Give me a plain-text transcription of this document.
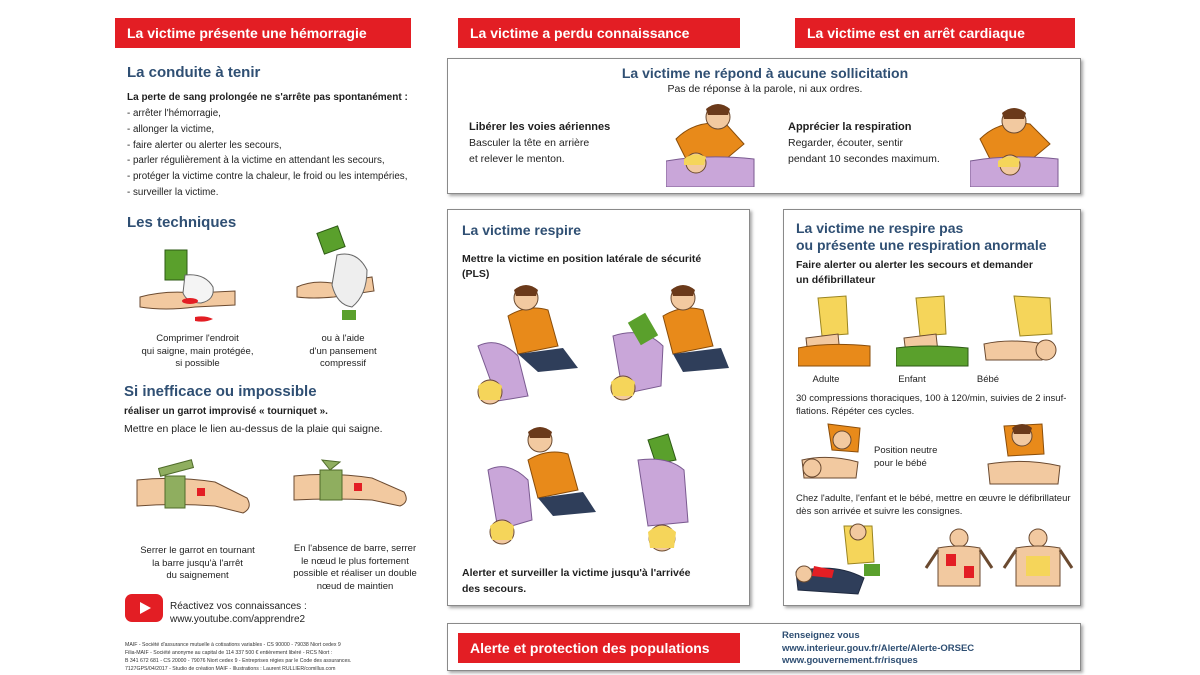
La victime présente une hémorragie
La conduite à tenir
La perte de sang prolongée ne s'arrête pas spontanément :
- arrêter l'hémorragie,
- allonger la victime,
- faire alerter ou alerter les secours,
- parler régulièrement à la victime en attendant les secours,
- protéger la victime contre la chaleur, le froid ou les intempéries,
- surveiller la victime.
Les techniques
Comprimer l'endroit
qui saigne, main protégée,
si possible
ou à l'aide
d'un pansement
compressif
Si inefficace ou impossible
réaliser un garrot improvisé « tourniquet ».
Mettre en place le lien au-dessus de la plaie qui saigne.
Serrer le garrot en tournant
la barre jusqu'à l'arrêt
du saignement
En l'absence de barre, serrer
le nœud le plus fortement
possible et réaliser un double
nœud de maintien
Réactivez vos connaissances :
www.youtube.com/apprendre2
MAIF - Société d'assurance mutuelle à cotisations variables - CS 90000 - 79038 Niort cedex 9
Filia-MAIF - Société anonyme au capital de 114 337 500 € entièrement libéré - RCS Niort :
B 341 672 681 - CS 20000 - 79076 Niort cedex 9 - Entreprises régies par le Code des assurances.
7127GPS/04/2017 - Studio de création MAIF - Illustrations : Laurent RULLIER/comillus.com
La victime a perdu connaissance	La victime est en arrêt cardiaque
La victime ne répond à aucune sollicitation
Pas de réponse à la parole, ni aux ordres.
Libérer les voies aériennes
Basculer la tête en arrière
et relever le menton.
Apprécier la respiration
Regarder, écouter, sentir
pendant 10 secondes maximum.
La victime respire
Mettre la victime en position latérale de sécurité
(PLS)
Alerter et surveiller la victime jusqu'à l'arrivée
des secours.
La victime ne respire pas
ou présente une respiration anormale
Faire alerter ou alerter les secours et demander
un défibrillateur
Adulte	Enfant	Bébé
30 compressions thoraciques, 100 à 120/min, suivies de 2 insuf-
flations. Répéter ces cycles.
Position neutre
pour le bébé
Chez l'adulte, l'enfant et le bébé, mettre en œuvre le défibrillateur
dès son arrivée et suivre les consignes.
Alerte et protection des populations
Renseignez vous
www.interieur.gouv.fr/Alerte/Alerte-ORSEC
www.gouvernement.fr/risques
